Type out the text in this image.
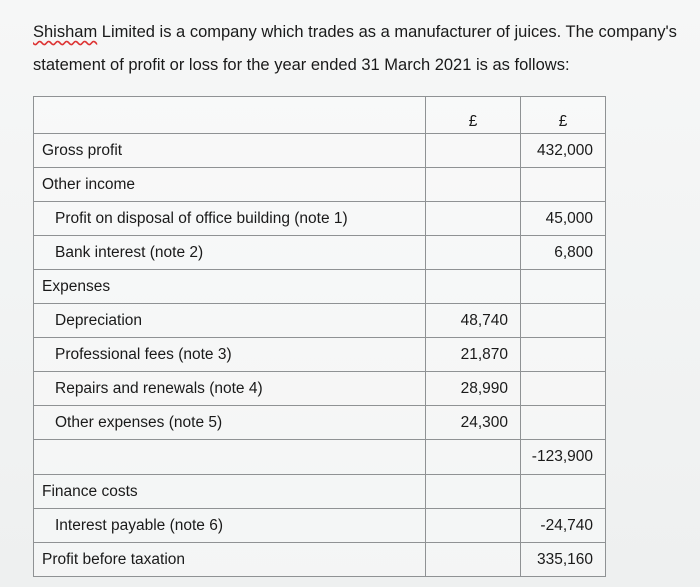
Shisham Limited is a company which trades as a manufacturer of juices. The company's
statement of profit or loss for the year ended 31 March 2021 is as follows:
	£	£
Gross profit		432,000
Other income		
Profit on disposal of office building (note 1)		45,000
Bank interest (note 2)		6,800
Expenses		
Depreciation	48,740	
Professional fees (note 3)	21,870	
Repairs and renewals (note 4)	28,990	
Other expenses (note 5)	24,300	
		-123,900
Finance costs		
Interest payable (note 6)		-24,740
Profit before taxation		335,160
